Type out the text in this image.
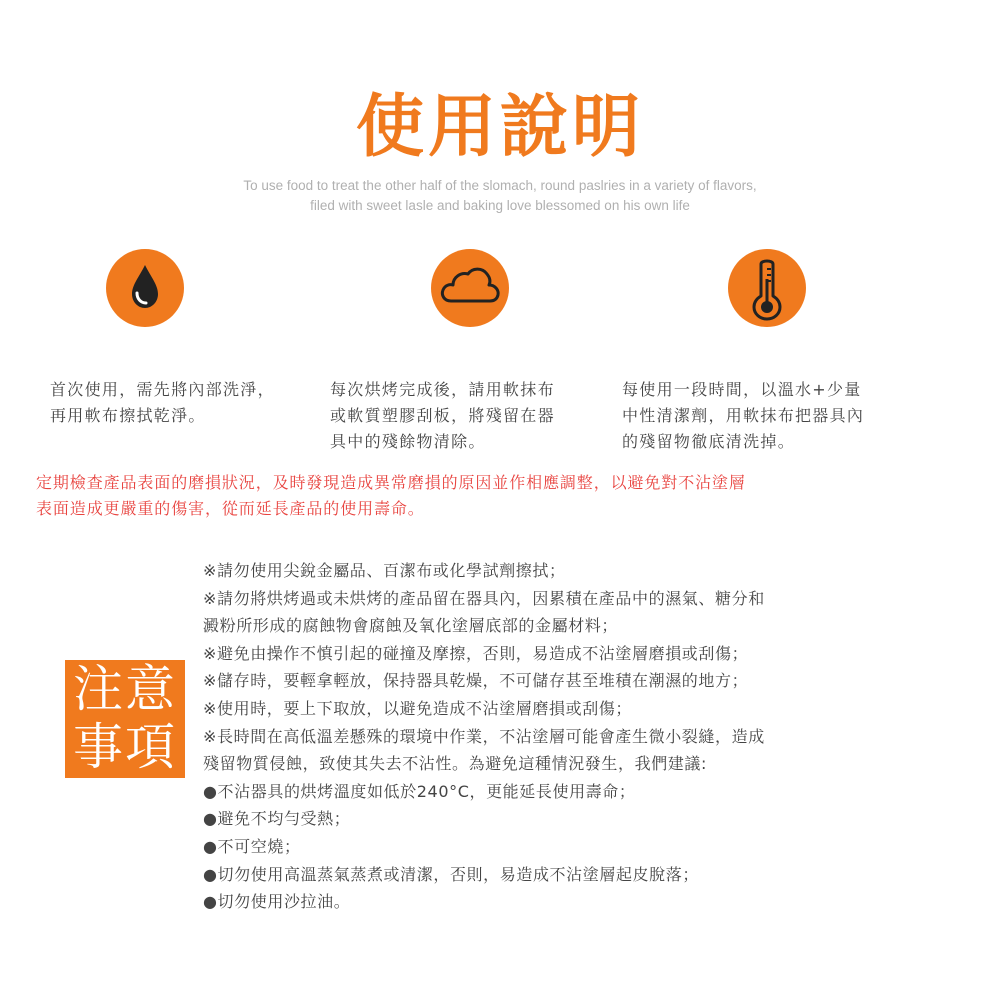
使用說明
To use food to treat the other half of the slomach, round paslries in a variety of flavors,
filed with sweet lasle and baking love blessomed on his own life
首次使用，需先將內部洗淨，
再用軟布擦拭乾淨。
每次烘烤完成後，請用軟抹布
或軟質塑膠刮板，將殘留在器
具中的殘餘物清除。
每使用一段時間，以溫水+少量
中性清潔劑，用軟抹布把器具內
的殘留物徹底清洗掉。
定期檢查產品表面的磨損狀況，及時發現造成異常磨損的原因並作相應調整，以避免對不沾塗層
表面造成更嚴重的傷害，從而延長產品的使用壽命。
注意
事項
※請勿使用尖銳金屬品、百潔布或化學試劑擦拭；
※請勿將烘烤過或未烘烤的產品留在器具內，因累積在產品中的濕氣、糖分和
澱粉所形成的腐蝕物會腐蝕及氧化塗層底部的金屬材料；
※避免由操作不慎引起的碰撞及摩擦，否則，易造成不沾塗層磨損或刮傷；
※儲存時，要輕拿輕放，保持器具乾燥，不可儲存甚至堆積在潮濕的地方；
※使用時，要上下取放，以避免造成不沾塗層磨損或刮傷；
※長時間在高低溫差懸殊的環境中作業，不沾塗層可能會產生微小裂縫，造成
殘留物質侵蝕，致使其失去不沾性。為避免這種情況發生，我們建議:
●不沾器具的烘烤溫度如低於240°C，更能延長使用壽命；
●避免不均勻受熱；
●不可空燒；
●切勿使用高溫蒸氣蒸煮或清潔，否則，易造成不沾塗層起皮脫落；
●切勿使用沙拉油。
